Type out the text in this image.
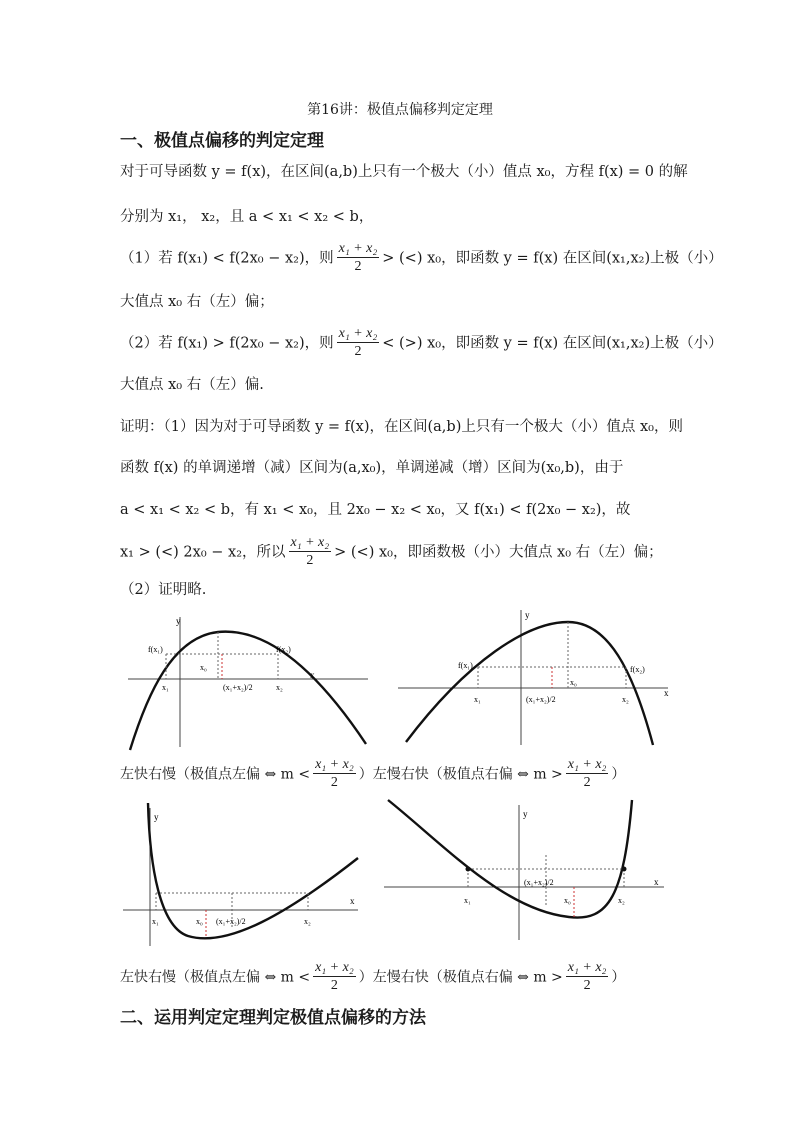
第16讲：极值点偏移判定定理
一、极值点偏移的判定定理
对于可导函数 y = f(x)，在区间(a,b)上只有一个极大（小）值点 x₀，方程 f(x) = 0 的解
分别为 x₁， x₂，且 a < x₁ < x₂ < b，
（1）若 f(x₁) < f(2x₀ − x₂)，则 $\frac{\text{x₁ + x₂}}{2}$ > (<) x₀，即函数 y = f(x) 在区间(x₁,x₂)上极（小）
大值点 x₀ 右（左）偏；
（2）若 f(x₁) > f(2x₀ − x₂)，则 $\frac{\text{x₁ + x₂}}{2}$ < (>) x₀，即函数 y = f(x) 在区间(x₁,x₂)上极（小）
大值点 x₀ 右（左）偏.
证明：（1）因为对于可导函数 y = f(x)，在区间(a,b)上只有一个极大（小）值点 x₀，则
函数 f(x) 的单调递增（减）区间为(a,x₀)，单调递减（增）区间为(x₀,b)，由于
a < x₁ < x₂ < b，有 x₁ < x₀，且 2x₀ − x₂ < x₀，又 f(x₁) < f(2x₀ − x₂)，故
x₁ > (<) 2x₀ − x₂，所以 $\frac{\text{x₁ + x₂}}{2}$ > (<) x₀，即函数极（小）大值点 x₀ 右（左）偏；
（2）证明略.
y
x
f(x₁)	f(x₂)
x₁	x₂
x₀
(x₁+x₂)/2
y
x
f(x₁)	f(x₂)
x₁	x₂
x₀
(x₁+x₂)/2
左快右慢（极值点左偏 ⇔ $m < \frac{\text{x₁ + x₂}}{2}$ ）左慢右快（极值点右偏 ⇔ $m > \frac{\text{x₁ + x₂}}{2}$ ）
y
x
x₁	x₂
x₀ (x₁+x₂)/2
y
x
x₁	x₂
x₀
(x₁+x₂)/2
左快右慢（极值点左偏 ⇔ $m < \frac{\text{x₁ + x₂}}{2}$ ）左慢右快（极值点右偏 ⇔ $m > \frac{\text{x₁ + x₂}}{2}$ ）
二、运用判定定理判定极值点偏移的方法
